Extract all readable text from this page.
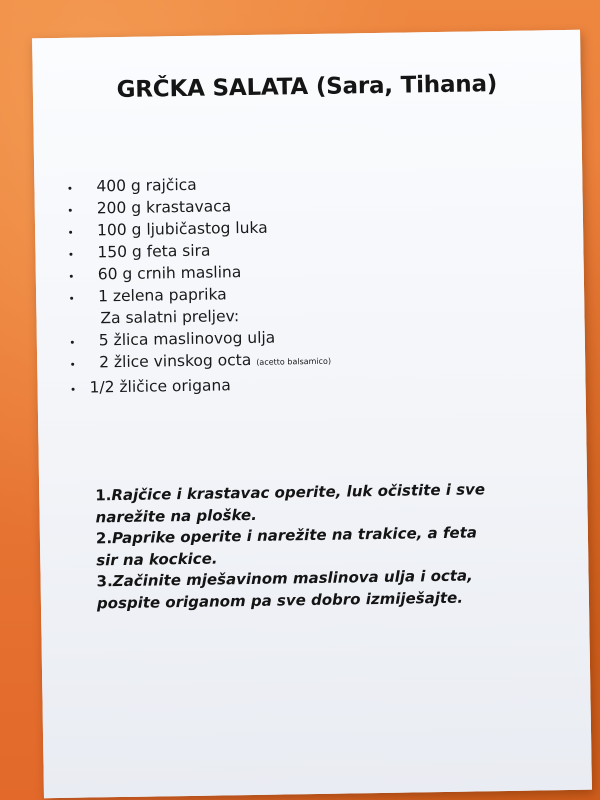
GRČKA SALATA (Sara, Tihana)
400 g rajčica
200 g krastavaca
100 g ljubičastog luka
150 g feta sira
60 g crnih maslina
1 zelena paprika
Za salatni preljev:
5 žlica maslinovog ulja
2 žlice vinskog octa (acetto balsamico)
1/2 žličice origana

1.Rajčice i krastavac operite, luk očistite i sve
narežite na ploške.

2.Paprike operite i narežite na trakice, a feta
sir na kockice.

3.Začinite mješavinom maslinova ulja i octa,
pospite origanom pa sve dobro izmiješajte.
